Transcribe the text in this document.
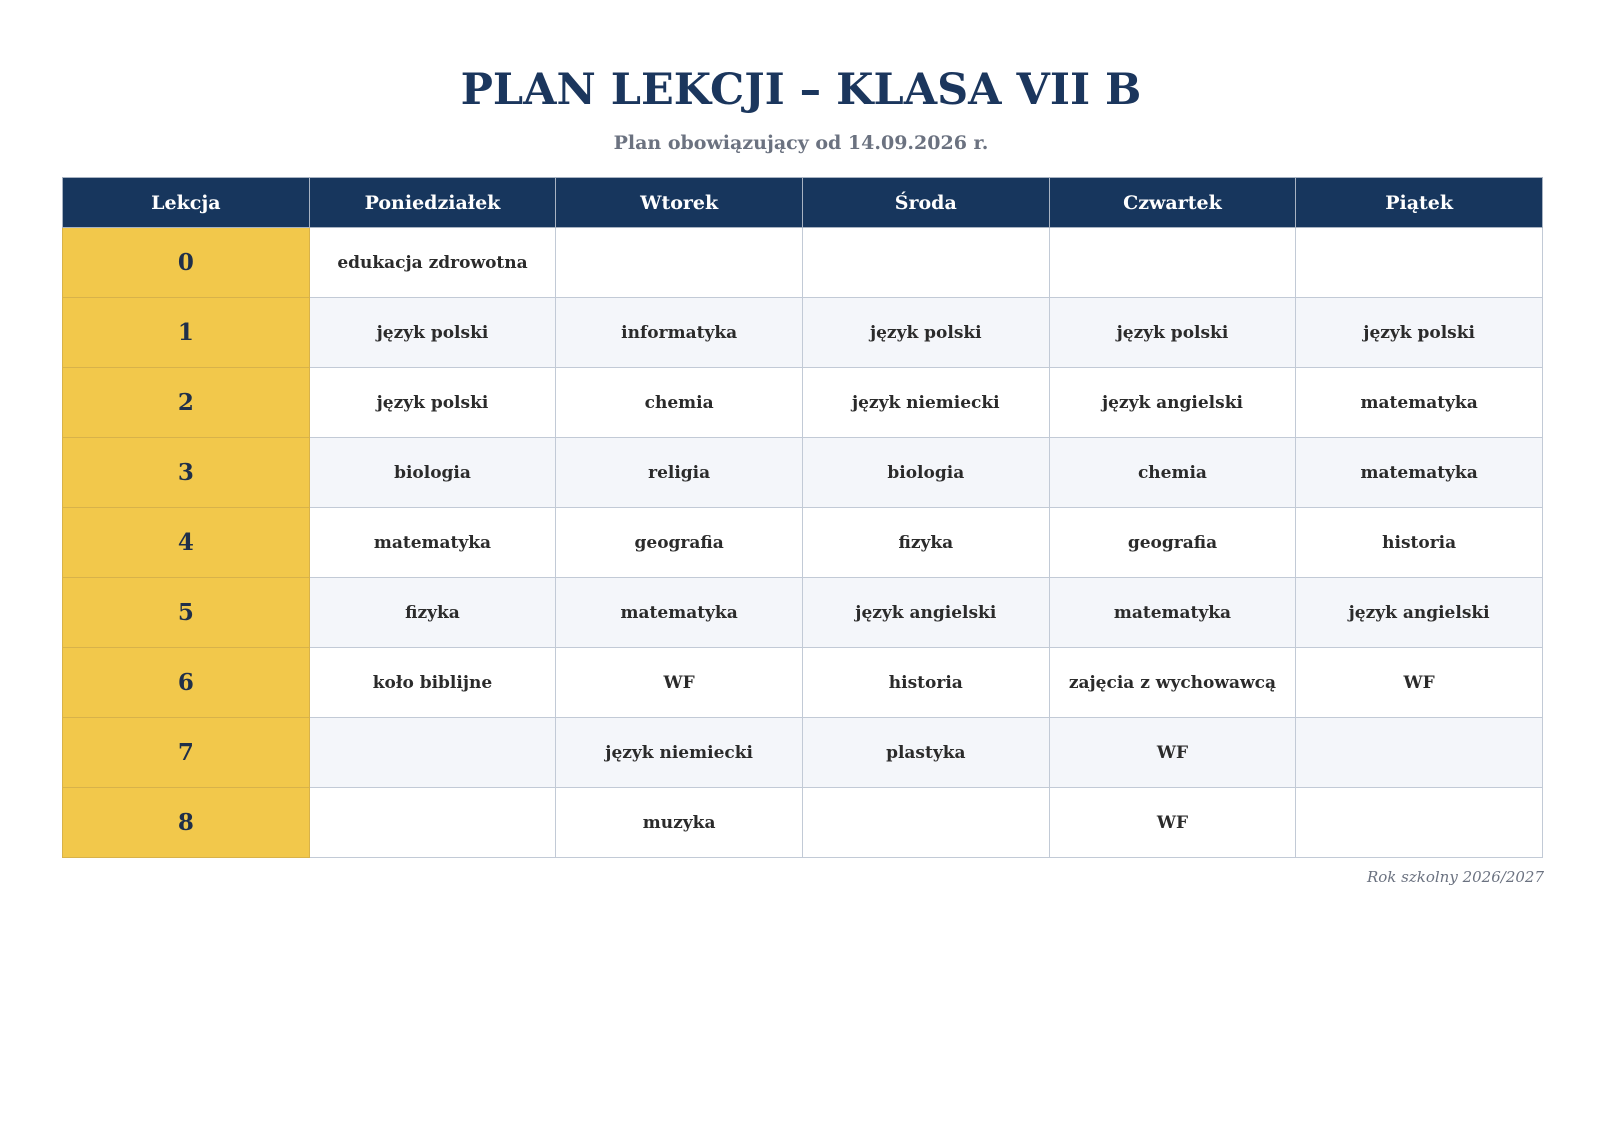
PLAN LEKCJI – KLASA VII B
Plan obowiązujący od 14.09.2026 r.
Lekcja	Poniedziałek	Wtorek	Środa	Czwartek	Piątek
0	edukacja zdrowotna				
1	język polski	informatyka	język polski	język polski	język polski
2	język polski	chemia	język niemiecki	język angielski	matematyka
3	biologia	religia	biologia	chemia	matematyka
4	matematyka	geografia	fizyka	geografia	historia
5	fizyka	matematyka	język angielski	matematyka	język angielski
6	koło biblijne	WF	historia	zajęcia z wychowawcą	WF
7		język niemiecki	plastyka	WF	
8		muzyka		WF	
Rok szkolny 2026/2027
